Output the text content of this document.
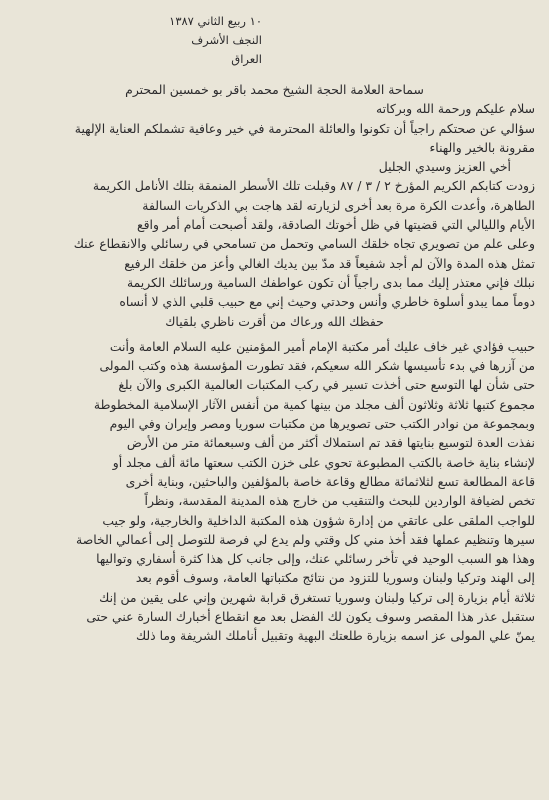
١٠ ربيع الثاني ١٣٨٧
النجف الأشرف
العراق
سماحة العلامة الحجة الشيخ محمد باقر بو خمسين المحترم
سلام عليكم ورحمة الله وبركاته
سؤالي عن صحتكم راجياً أن تكونوا والعائلة المحترمة في خير وعافية تشملكم العناية الإلهية
مقرونة بالخير والهناء
أخي العزيز وسيدي الجليل
زودت كتابكم الكريم المؤرخ ٢ / ٣ / ٨٧ وقبلت تلك الأسطر المنمقة بتلك الأنامل الكريمة
الطاهرة، وأعدت الكرة مرة بعد أخرى لزيارته لقد هاجت بي الذكريات السالفة
الأيام والليالي التي قضيتها في ظل أخوتك الصادقة، ولقد أصبحت أمام أمر واقع
وعلى علم من تصويري تجاه خلقك السامي وتحمل من تسامحي في رسائلي والانقطاع عنك
تمثل هذه المدة والآن لم أجد شفيعاً قد مدّ بين يديك الغالي وأعز من خلقك الرفيع
نبلك فإني معتذر إليك مما بدى راجياً أن تكون عواطفك السامية ورسائلك الكريمة
دوماً مما يبدو أسلوة خاطري وأنس وحدتي وحيث إني مع حبيب قلبي الذي لا أنساه
حفظك الله ورعاك من أقرت ناظري بلقياك
حبيب فؤادي غير خاف عليك أمر مكتبة الإمام أمير المؤمنين عليه السلام العامة وأنت
من آزرها في بدء تأسيسها شكر الله سعيكم، فقد تطورت المؤسسة هذه وكتب المولى
حتى شأن لها التوسع حتى أخذت تسير في ركب المكتبات العالمية الكبرى والآن بلغ
مجموع كتبها ثلاثة وثلاثون ألف مجلد من بينها كمية من أنفس الآثار الإسلامية المخطوطة
وبمجموعة من نوادر الكتب حتى تصويرها من مكتبات سوريا ومصر وإيران وفي اليوم
نفذت العدة لتوسيع بنايتها فقد تم استملاك أكثر من ألف وسبعمائة متر من الأرض
لإنشاء بناية خاصة بالكتب المطبوعة تحوي على خزن الكتب سعتها مائة ألف مجلد أو
قاعة المطالعة تسع لثلاثمائة مطالع وقاعة خاصة بالمؤلفين والباحثين، وبناية أخرى
تخص لضيافة الواردين للبحث والتنقيب من خارج هذه المدينة المقدسة، ونظراً
للواجب الملقى على عاتقي من إدارة شؤون هذه المكتبة الداخلية والخارجية، ولو جيب
سيرها وتنظيم عملها فقد أخذ مني كل وقتي ولم يدع لي فرصة للتوصل إلى أعمالي الخاصة
وهذا هو السبب الوحيد في تأخر رسائلي عنك، وإلى جانب كل هذا كثرة أسفاري وتواليها
إلى الهند وتركيا ولبنان وسوريا للتزود من نتائج مكتباتها العامة، وسوف أقوم بعد
ثلاثة أيام بزيارة إلى تركيا ولبنان وسوريا تستغرق قرابة شهرين وإني على يقين من إنك
ستقبل عذر هذا المقصر وسوف يكون لك الفضل بعد مع انقطاع أخبارك السارة عني حتى
يمنّ علي المولى عز اسمه بزيارة طلعتك البهية وتقبيل أناملك الشريفة وما ذلك
